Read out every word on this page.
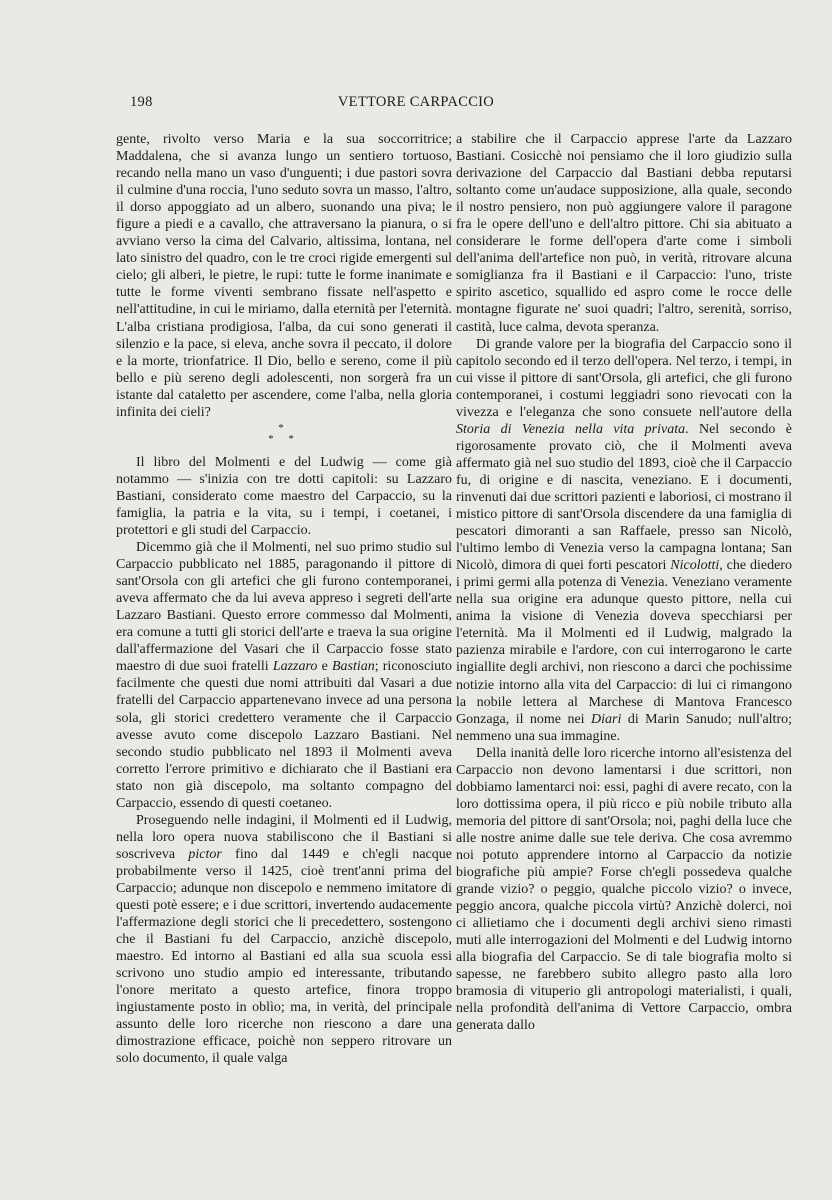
198	VETTORE CARPACCIO

gente, rivolto verso Maria e la sua soccorritrice; Maddalena, che si avanza lungo un sentiero tortuoso, recando nella mano un vaso d'unguenti; i due pastori sovra il culmine d'una roccia, l'uno seduto sovra un masso, l'altro, il dorso appoggiato ad un albero, suonando una piva; le figure a piedi e a cavallo, che attraversano la pianura, o si avviano verso la cima del Calvario, altissima, lontana, nel lato sinistro del quadro, con le tre croci rigide emergenti sul cielo; gli alberi, le pietre, le rupi: tutte le forme inanimate e tutte le forme viventi sembrano fissate nell'aspetto e nell'attitudine, in cui le miriamo, dalla eternità per l'eternità. L'alba cristiana prodigiosa, l'alba, da cui sono generati il silenzio e la pace, si eleva, anche sovra il peccato, il dolore e la morte, trionfatrice. Il Dio, bello e sereno, come il più bello e più sereno degli adolescenti, non sorgerà fra un istante dal cataletto per ascendere, come l'alba, nella gloria infinita dei cieli?

*
* *

Il libro del Molmenti e del Ludwig — come già notammo — s'inizia con tre dotti capitoli: su Lazzaro Bastiani, considerato come maestro del Carpaccio, su la famiglia, la patria e la vita, su i tempi, i coetanei, i protettori e gli studi del Carpaccio.

Dicemmo già che il Molmenti, nel suo primo studio sul Carpaccio pubblicato nel 1885, paragonando il pittore di sant'Orsola con gli artefici che gli furono contemporanei, aveva affermato che da lui aveva appreso i segreti dell'arte Lazzaro Bastiani. Questo errore commesso dal Molmenti, era comune a tutti gli storici dell'arte e traeva la sua origine dall'affermazione del Vasari che il Carpaccio fosse stato maestro di due suoi fratelli Lazzaro e Bastian; riconosciuto facilmente che questi due nomi attribuiti dal Vasari a due fratelli del Carpaccio appartenevano invece ad una persona sola, gli storici credettero veramente che il Carpaccio avesse avuto come discepolo Lazzaro Bastiani. Nel secondo studio pubblicato nel 1893 il Molmenti aveva corretto l'errore primitivo e dichiarato che il Bastiani era stato non già discepolo, ma soltanto compagno del Carpaccio, essendo di questi coetaneo.

Proseguendo nelle indagini, il Molmenti ed il Ludwig, nella loro opera nuova stabiliscono che il Bastiani si soscriveva pictor fino dal 1449 e ch'egli nacque probabilmente verso il 1425, cioè trent'anni prima del Carpaccio; adunque non discepolo e nemmeno imitatore di questi potè essere; e i due scrittori, invertendo audacemente l'affermazione degli storici che li precedettero, sostengono che il Bastiani fu del Carpaccio, anzichè discepolo, maestro. Ed intorno al Bastiani ed alla sua scuola essi scrivono uno studio ampio ed interessante, tributando l'onore meritato a questo artefice, finora troppo ingiustamente posto in oblìo; ma, in verità, del principale assunto delle loro ricerche non riescono a dare una dimostrazione efficace, poichè non seppero ritrovare un solo documento, il quale valga

a stabilire che il Carpaccio apprese l'arte da Lazzaro Bastiani. Cosicchè noi pensiamo che il loro giudizio sulla derivazione del Carpaccio dal Bastiani debba reputarsi soltanto come un'audace supposizione, alla quale, secondo il nostro pensiero, non può aggiungere valore il paragone fra le opere dell'uno e dell'altro pittore. Chi sia abituato a considerare le forme dell'opera d'arte come i simboli dell'anima dell'artefice non può, in verità, ritrovare alcuna somiglianza fra il Bastiani e il Carpaccio: l'uno, triste spirito ascetico, squallido ed aspro come le rocce delle montagne figurate ne' suoi quadri; l'altro, serenità, sorriso, castità, luce calma, devota speranza.

Di grande valore per la biografia del Carpaccio sono il capitolo secondo ed il terzo dell'opera. Nel terzo, i tempi, in cui visse il pittore di sant'Orsola, gli artefici, che gli furono contemporanei, i costumi leggiadri sono rievocati con la vivezza e l'eleganza che sono consuete nell'autore della Storia di Venezia nella vita privata. Nel secondo è rigorosamente provato ciò, che il Molmenti aveva affermato già nel suo studio del 1893, cioè che il Carpaccio fu, di origine e di nascita, veneziano. E i documenti, rinvenuti dai due scrittori pazienti e laboriosi, ci mostrano il mistico pittore di sant'Orsola discendere da una famiglia di pescatori dimoranti a san Raffaele, presso san Nicolò, l'ultimo lembo di Venezia verso la campagna lontana; San Nicolò, dimora di quei forti pescatori Nicolotti, che diedero i primi germi alla potenza di Venezia. Veneziano veramente nella sua origine era adunque questo pittore, nella cui anima la visione di Venezia doveva specchiarsi per l'eternità. Ma il Molmenti ed il Ludwig, malgrado la pazienza mirabile e l'ardore, con cui interrogarono le carte ingiallite degli archivi, non riescono a darci che pochissime notizie intorno alla vita del Carpaccio: di lui ci rimangono la nobile lettera al Marchese di Mantova Francesco Gonzaga, il nome nei Diari di Marin Sanudo; null'altro; nemmeno una sua immagine.

Della inanità delle loro ricerche intorno all'esistenza del Carpaccio non devono lamentarsi i due scrittori, non dobbiamo lamentarci noi: essi, paghi di avere recato, con la loro dottissima opera, il più ricco e più nobile tributo alla memoria del pittore di sant'Orsola; noi, paghi della luce che alle nostre anime dalle sue tele deriva. Che cosa avremmo noi potuto apprendere intorno al Carpaccio da notizie biografiche più ampie? Forse ch'egli possedeva qualche grande vizio? o peggio, qualche piccolo vizio? o invece, peggio ancora, qualche piccola virtù? Anzichè dolerci, noi ci allietiamo che i documenti degli archivi sieno rimasti muti alle interrogazioni del Molmenti e del Ludwig intorno alla biografia del Carpaccio. Se di tale biografia molto si sapesse, ne farebbero subito allegro pasto alla loro bramosia di vituperio gli antropologi materialisti, i quali, nella profondità dell'anima di Vettore Carpaccio, ombra generata dallo
